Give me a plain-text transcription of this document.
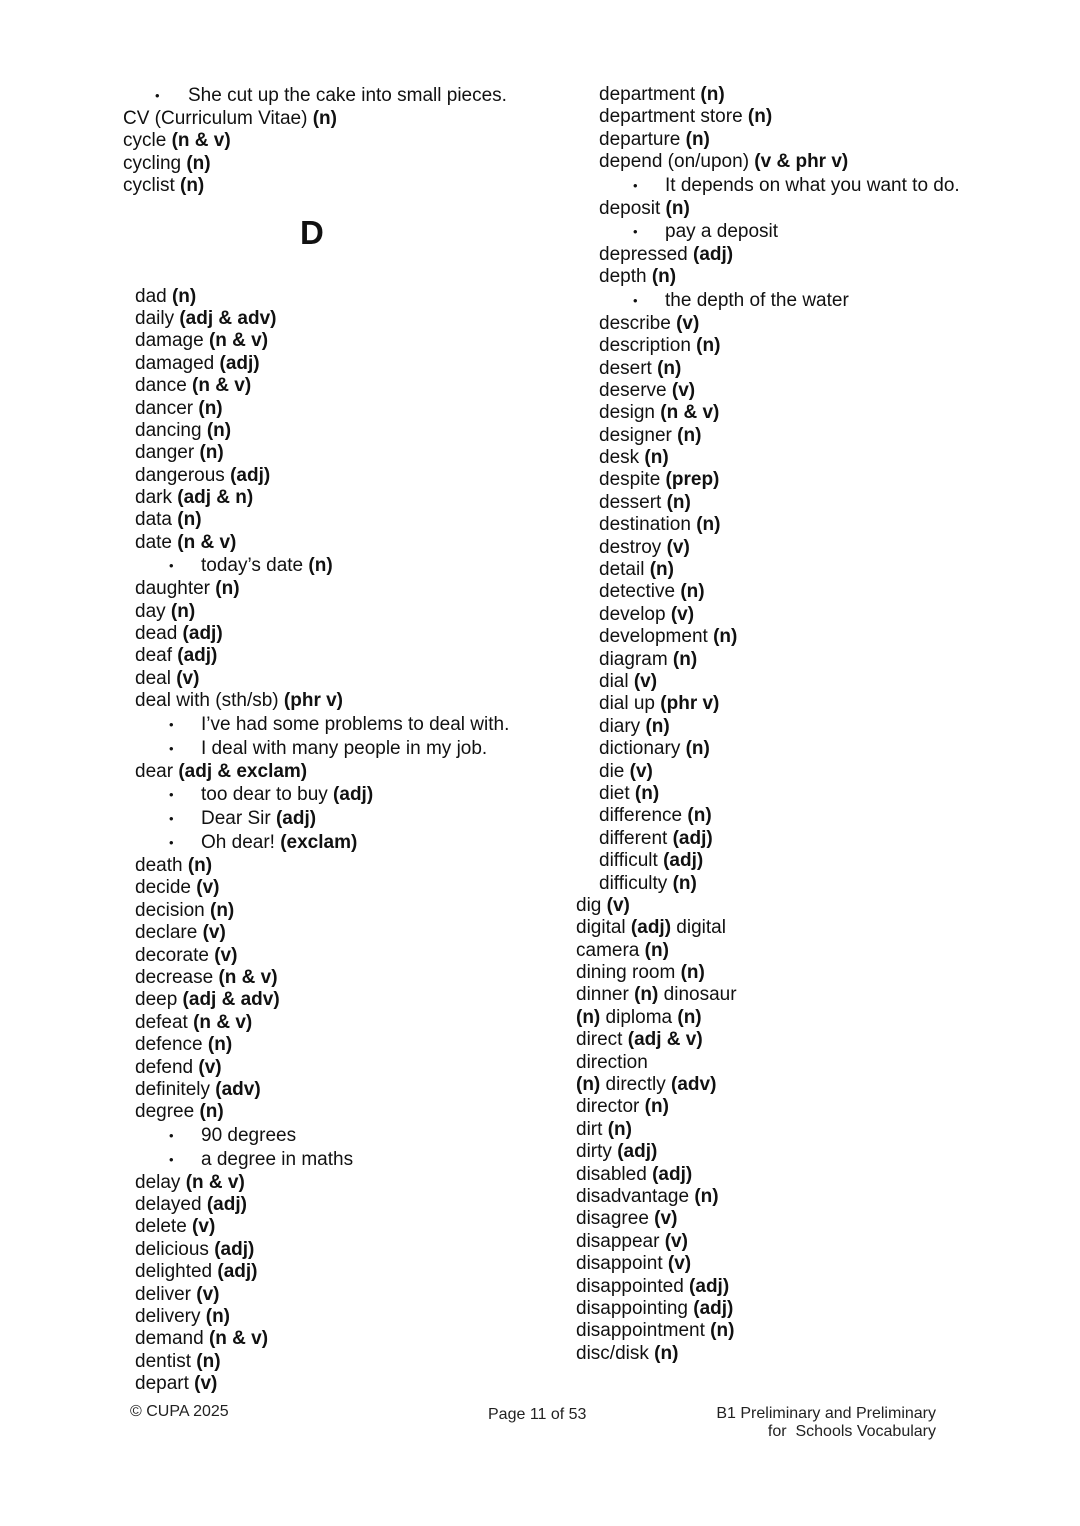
• She cut up the cake into small pieces.
CV (Curriculum Vitae) (n)
cycle (n & v)
cycling (n)
cyclist (n)
D
dad (n)
daily (adj & adv)
damage (n & v)
damaged (adj)
dance (n & v)
dancer (n)
dancing (n)
danger (n)
dangerous (adj)
dark (adj & n)
data (n)
date (n & v)
• today’s date (n)
daughter (n)
day (n)
dead (adj)
deaf (adj)
deal (v)
deal with (sth/sb) (phr v)
• I’ve had some problems to deal with.
• I deal with many people in my job.
dear (adj & exclam)
• too dear to buy (adj)
• Dear Sir (adj)
• Oh dear! (exclam)
death (n)
decide (v)
decision (n)
declare (v)
decorate (v)
decrease (n & v)
deep (adj & adv)
defeat (n & v)
defence (n)
defend (v)
definitely (adv)
degree (n)
• 90 degrees
• a degree in maths
delay (n & v)
delayed (adj)
delete (v)
delicious (adj)
delighted (adj)
deliver (v)
delivery (n)
demand (n & v)
dentist (n)
depart (v)
department (n)
department store (n)
departure (n)
depend (on/upon) (v & phr v)
• It depends on what you want to do.
deposit (n)
• pay a deposit
depressed (adj)
depth (n)
• the depth of the water
describe (v)
description (n)
desert (n)
deserve (v)
design (n & v)
designer (n)
desk (n)
despite (prep)
dessert (n)
destination (n)
destroy (v)
detail (n)
detective (n)
develop (v)
development (n)
diagram (n)
dial (v)
dial up (phr v)
diary (n)
dictionary (n)
die (v)
diet (n)
difference (n)
different (adj)
difficult (adj)
difficulty (n)
dig (v)
digital (adj) digital
camera (n)
dining room (n)
dinner (n) dinosaur
(n) diploma (n)
direct (adj & v)
direction
(n) directly (adv)
director (n)
dirt (n)
dirty (adj)
disabled (adj)
disadvantage (n)
disagree (v)
disappear (v)
disappoint (v)
disappointed (adj)
disappointing (adj)
disappointment (n)
disc/disk (n)
© CUPA 2025	Page 11 of 53	B1 Preliminary and Preliminary
for  Schools Vocabulary
